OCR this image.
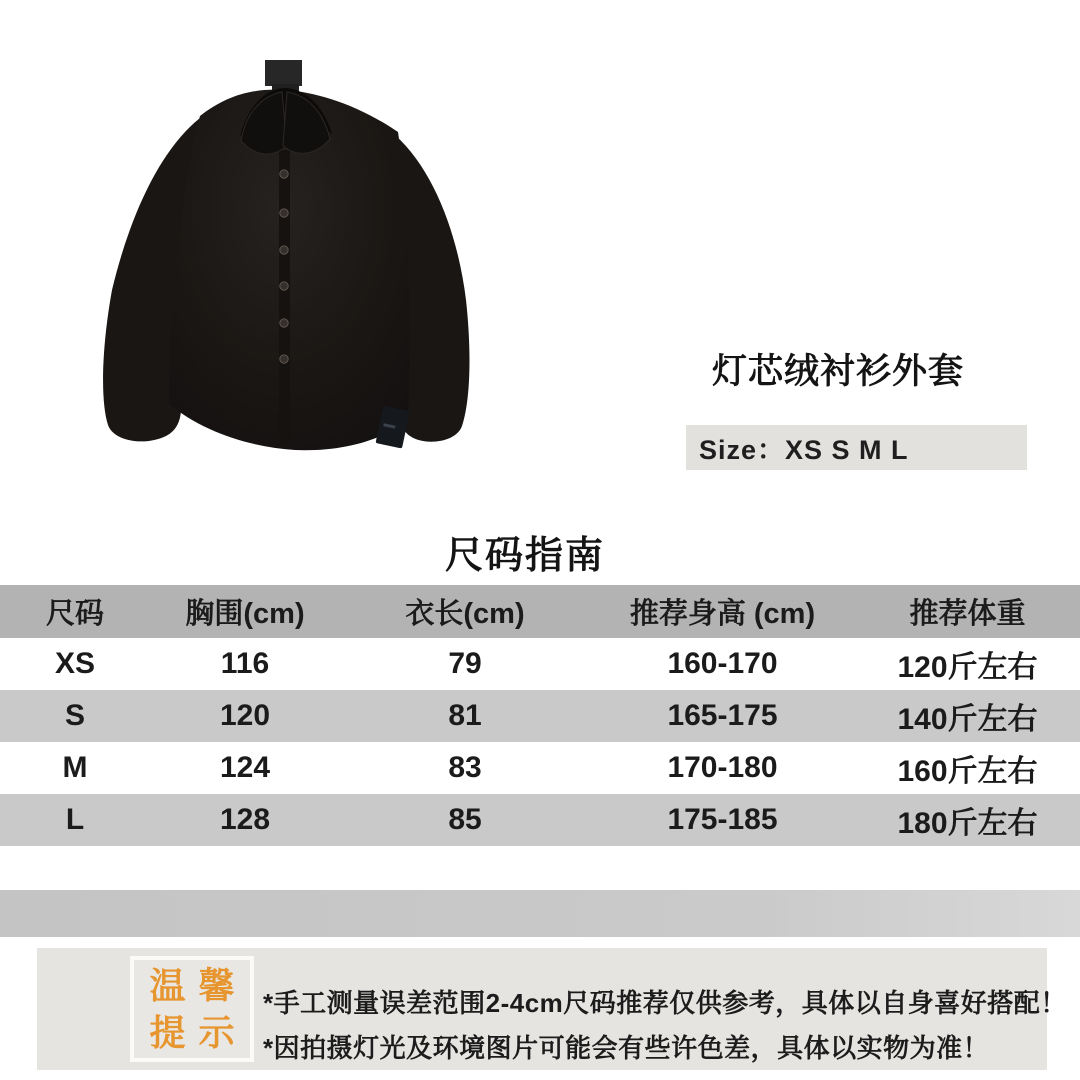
灯芯绒衬衫外套
Size：XS S M L
尺码指南
尺码	胸围(cm)	衣长(cm)	推荐身高 (cm)	推荐体重
XS	116	79	160-170	120斤左右
S	120	81	165-175	140斤左右
M	124	83	170-180	160斤左右
L	128	85	175-185	180斤左右
温馨
提示
*手工测量误差范围2-4cm尺码推荐仅供参考，具体以自身喜好搭配！
*因拍摄灯光及环境图片可能会有些许色差，具体以实物为准！
